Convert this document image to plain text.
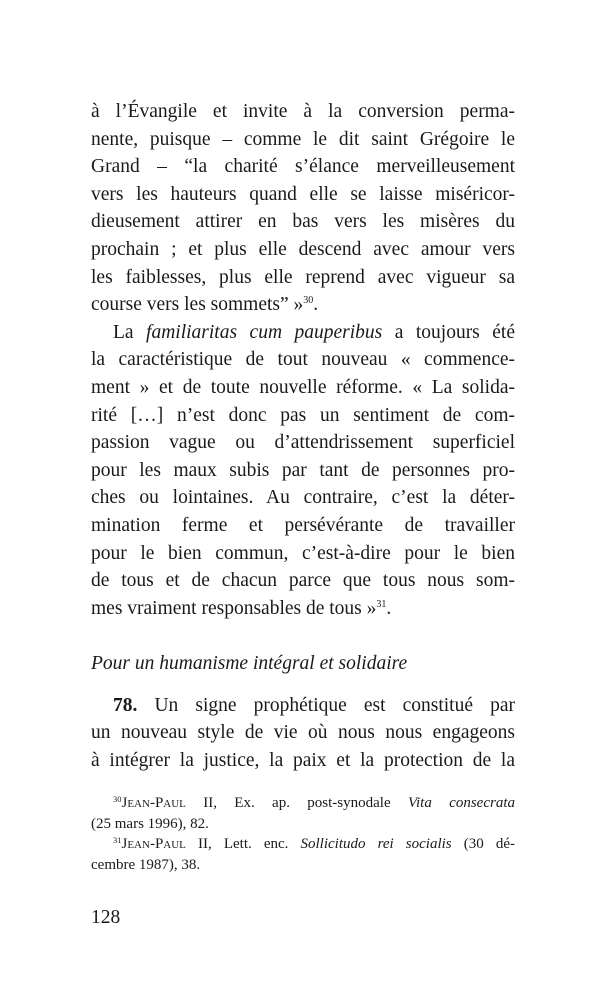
à l’Évangile et invite à la conversion perma-
nente, puisque – comme le dit saint Grégoire le
Grand – “la charité s’élance merveilleusement
vers les hauteurs quand elle se laisse miséricor-
dieusement attirer en bas vers les misères du
prochain ; et plus elle descend avec amour vers
les faiblesses, plus elle reprend avec vigueur sa
course vers les sommets” »$^{30}$.

La familiaritas cum pauperibus a toujours été
la caractéristique de tout nouveau « commence-
ment » et de toute nouvelle réforme. « La solida-
rité […] n’est donc pas un sentiment de com-
passion vague ou d’attendrissement superficiel
pour les maux subis par tant de personnes pro-
ches ou lointaines. Au contraire, c’est la déter-
mination ferme et persévérante de travailler
pour le bien commun, c’est-à-dire pour le bien
de tous et de chacun parce que tous nous som-
mes vraiment responsables de tous »$^{31}$.

Pour un humanisme intégral et solidaire

78. Un signe prophétique est constitué par
un nouveau style de vie où nous nous engageons
à intégrer la justice, la paix et la protection de la

$^{30}$Jean-Paul II, Ex. ap. post-synodale Vita consecrata
(25 mars 1996), 82.
$^{31}$Jean-Paul II, Lett. enc. Sollicitudo rei socialis (30 dé-
cembre 1987), 38.
128
